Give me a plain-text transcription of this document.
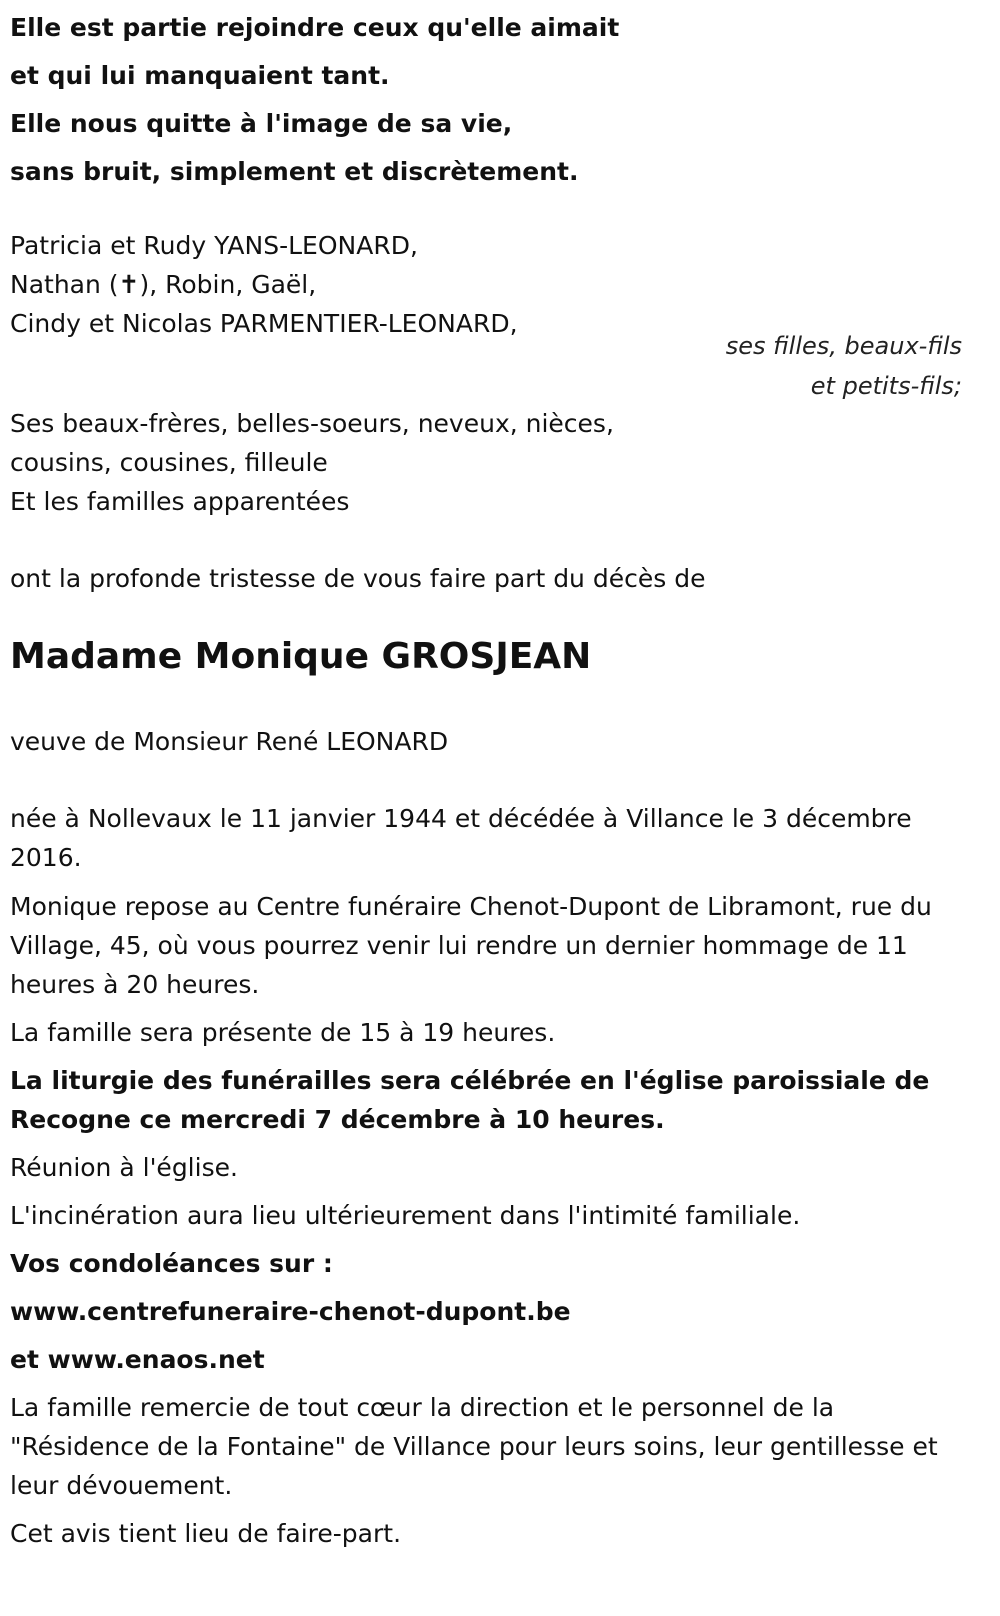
Elle est partie rejoindre ceux qu'elle aimait
et qui lui manquaient tant.
Elle nous quitte à l'image de sa vie,
sans bruit, simplement et discrètement.
Patricia et Rudy YANS-LEONARD,
Nathan (✝), Robin, Gaël,
Cindy et Nicolas PARMENTIER-LEONARD,
ses filles, beaux-fils
et petits-fils;
Ses beaux-frères, belles-soeurs, neveux, nièces,
cousins, cousines, filleule
Et les familles apparentées
ont la profonde tristesse de vous faire part du décès de
Madame Monique GROSJEAN
veuve de Monsieur René LEONARD
née à Nollevaux le 11 janvier 1944 et décédée à Villance le 3 décembre 2016.
Monique repose au Centre funéraire Chenot-Dupont de Libramont, rue du Village, 45, où vous pourrez venir lui rendre un dernier hommage de 11 heures à 20 heures.
La famille sera présente de 15 à 19 heures.
La liturgie des funérailles sera célébrée en l'église paroissiale de Recogne ce mercredi 7 décembre à 10 heures.
Réunion à l'église.
L'incinération aura lieu ultérieurement dans l'intimité familiale.
Vos condoléances sur :
www.centrefuneraire-chenot-dupont.be
et www.enaos.net
La famille remercie de tout cœur la direction et le personnel de la "Résidence de la Fontaine" de Villance pour leurs soins, leur gentillesse et leur dévouement.
Cet avis tient lieu de faire-part.
